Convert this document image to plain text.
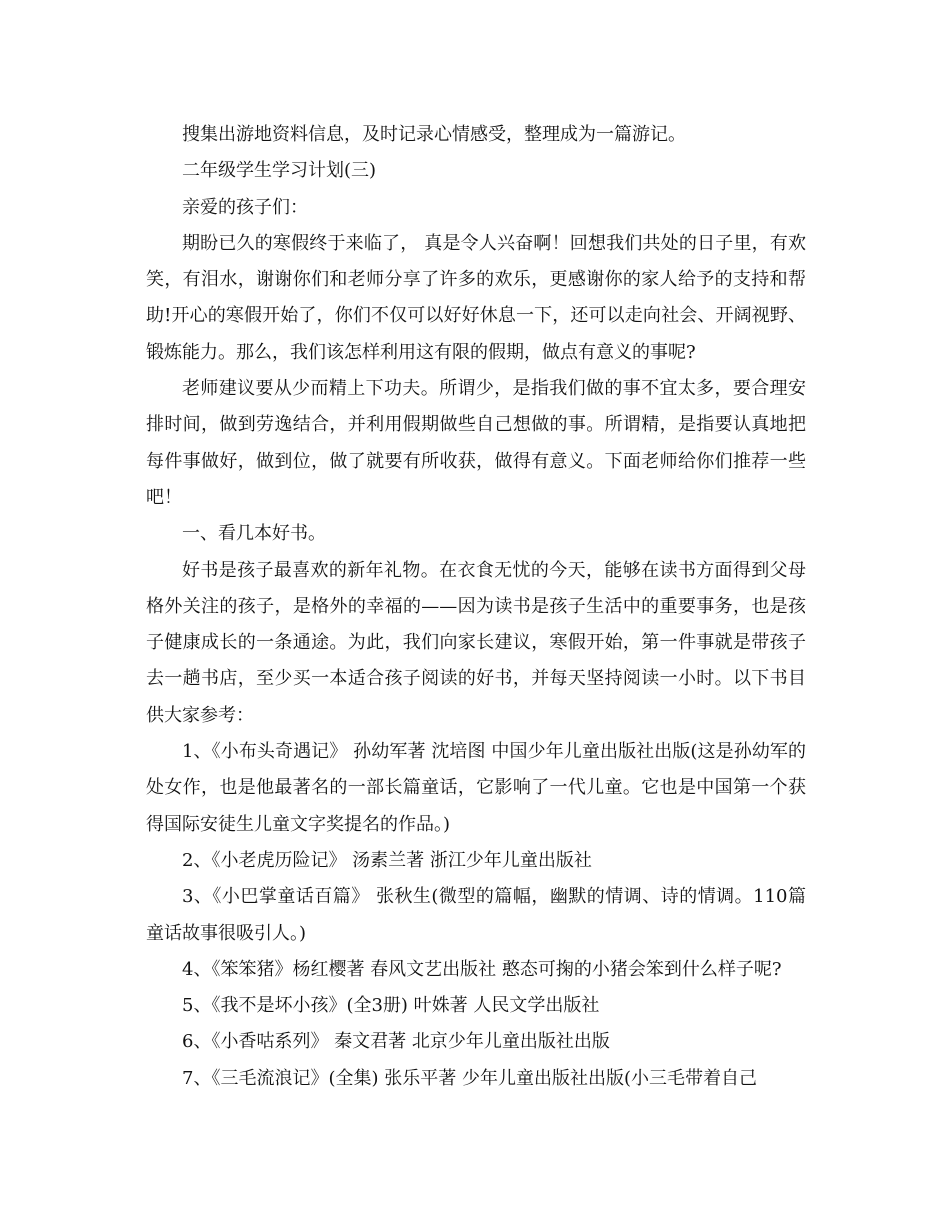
搜集出游地资料信息，及时记录心情感受，整理成为一篇游记。

二年级学生学习计划(三)

亲爱的孩子们：

期盼已久的寒假终于来临了， 真是令人兴奋啊！回想我们共处的日子里，有欢笑，有泪水，谢谢你们和老师分享了许多的欢乐，更感谢你的家人给予的支持和帮助!开心的寒假开始了，你们不仅可以好好休息一下，还可以走向社会、开阔视野、锻炼能力。那么，我们该怎样利用这有限的假期，做点有意义的事呢?

老师建议要从少而精上下功夫。所谓少，是指我们做的事不宜太多，要合理安排时间，做到劳逸结合，并利用假期做些自己想做的事。所谓精，是指要认真地把每件事做好，做到位，做了就要有所收获，做得有意义。下面老师给你们推荐一些吧！

一、看几本好书。

好书是孩子最喜欢的新年礼物。在衣食无忧的今天，能够在读书方面得到父母格外关注的孩子，是格外的幸福的——因为读书是孩子生活中的重要事务，也是孩子健康成长的一条通途。为此，我们向家长建议，寒假开始，第一件事就是带孩子去一趟书店，至少买一本适合孩子阅读的好书，并每天坚持阅读一小时。以下书目供大家参考：

1、《小布头奇遇记》 孙幼军著 沈培图 中国少年儿童出版社出版(这是孙幼军的处女作，也是他最著名的一部长篇童话，它影响了一代儿童。它也是中国第一个获得国际安徒生儿童文字奖提名的作品。)

2、《小老虎历险记》 汤素兰著 浙江少年儿童出版社

3、《小巴掌童话百篇》 张秋生(微型的篇幅，幽默的情调、诗的情调。110篇童话故事很吸引人。)

4、《笨笨猪》杨红樱著 春风文艺出版社 憨态可掬的小猪会笨到什么样子呢?

5、《我不是坏小孩》(全3册) 叶姝著 人民文学出版社

6、《小香咕系列》 秦文君著 北京少年儿童出版社出版

7、《三毛流浪记》(全集) 张乐平著 少年儿童出版社出版(小三毛带着自己
